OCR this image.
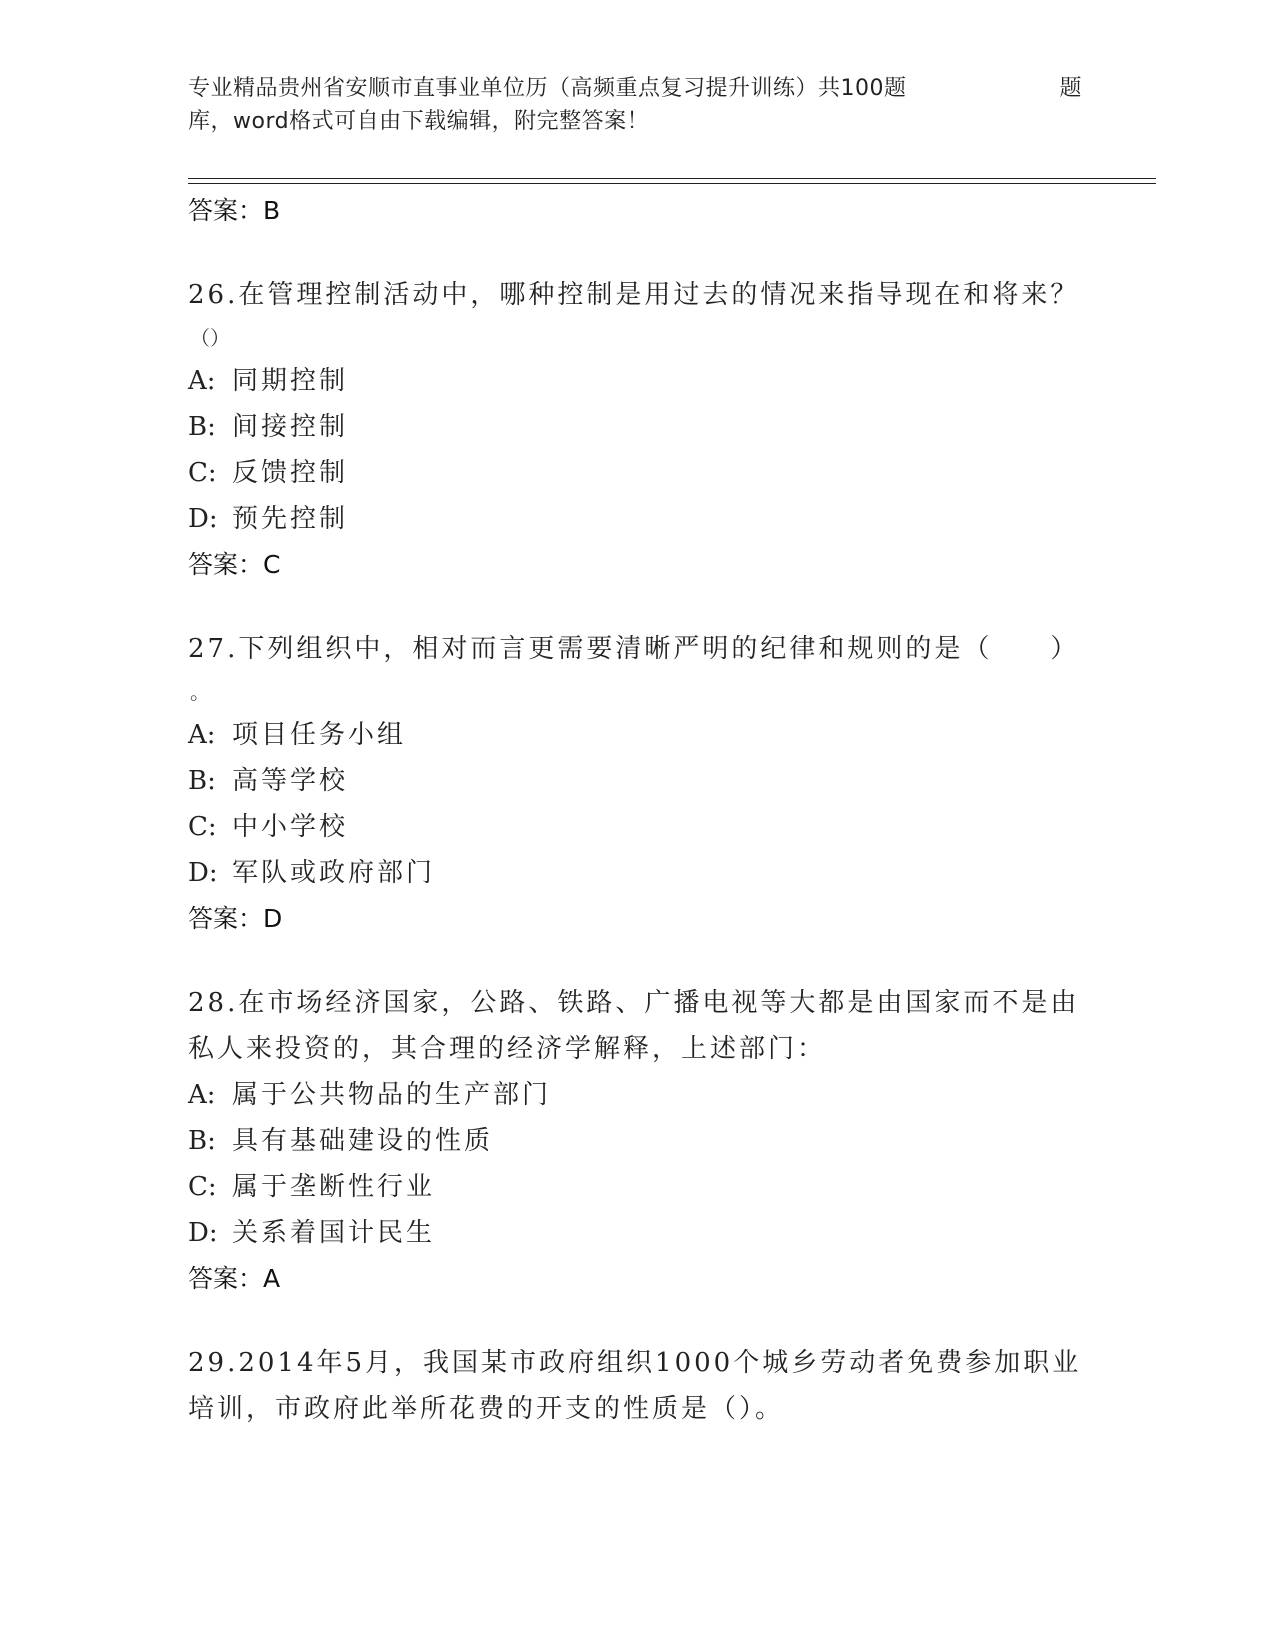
专业精品贵州省安顺市直事业单位历（高频重点复习提升训练）共100题	题
库，word格式可自由下载编辑，附完整答案！
答案：B
26.在管理控制活动中，哪种控制是用过去的情况来指导现在和将来？
（）
A: 同期控制
B: 间接控制
C: 反馈控制
D: 预先控制
答案：C
27.下列组织中，相对而言更需要清晰严明的纪律和规则的是（　　）
。
A: 项目任务小组
B: 高等学校
C: 中小学校
D: 军队或政府部门
答案：D
28.在市场经济国家，公路、铁路、广播电视等大都是由国家而不是由
私人来投资的，其合理的经济学解释，上述部门：
A: 属于公共物品的生产部门
B: 具有基础建设的性质
C: 属于垄断性行业
D: 关系着国计民生
答案：A
29.2014年5月，我国某市政府组织1000个城乡劳动者免费参加职业
培训，市政府此举所花费的开支的性质是（）。
